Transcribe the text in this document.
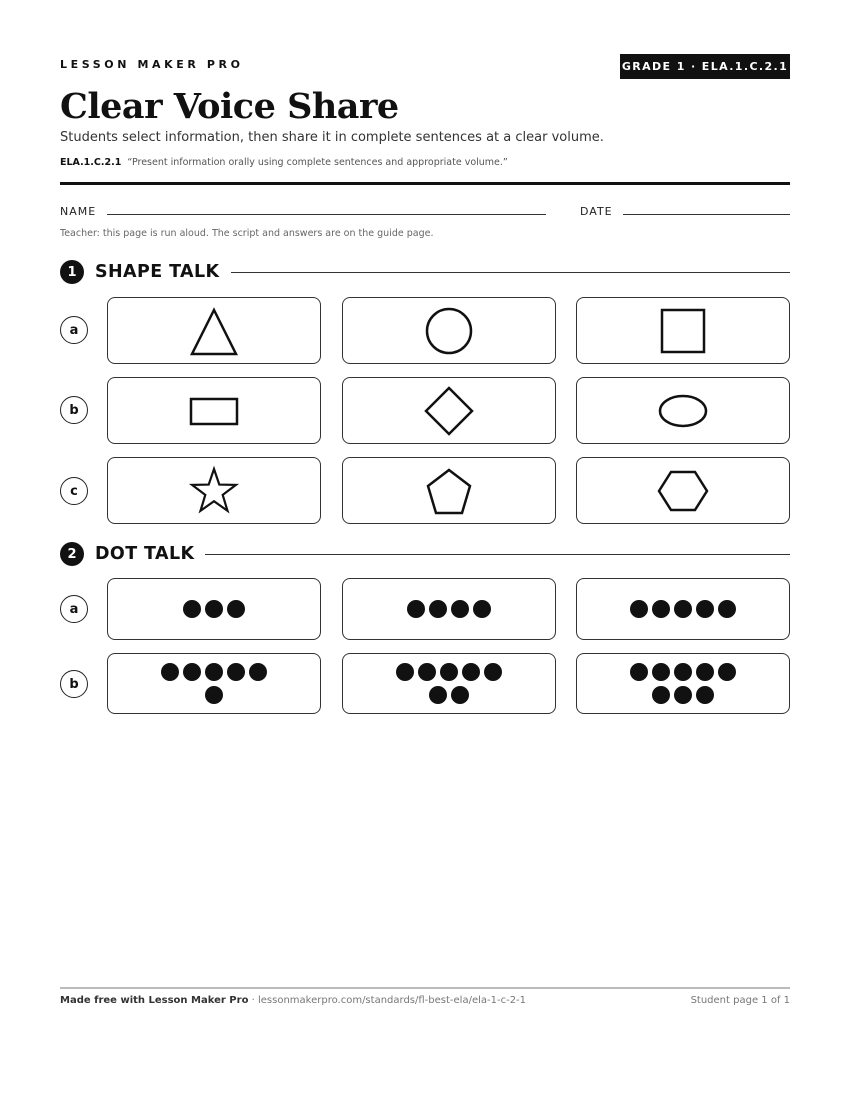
LESSON MAKER PRO	GRADE 1 · ELA.1.C.2.1
Clear Voice Share
Students select information, then share it in complete sentences at a clear volume.
ELA.1.C.2.1 “Present information orally using complete sentences and appropriate volume.”
NAME	DATE
Teacher: this page is run aloud. The script and answers are on the guide page.
1	SHAPE TALK
a
b
c
2	DOT TALK
a
b
Made free with Lesson Maker Pro · lessonmakerpro.com/standards/fl-best-ela/ela-1-c-2-1	Student page 1 of 1
